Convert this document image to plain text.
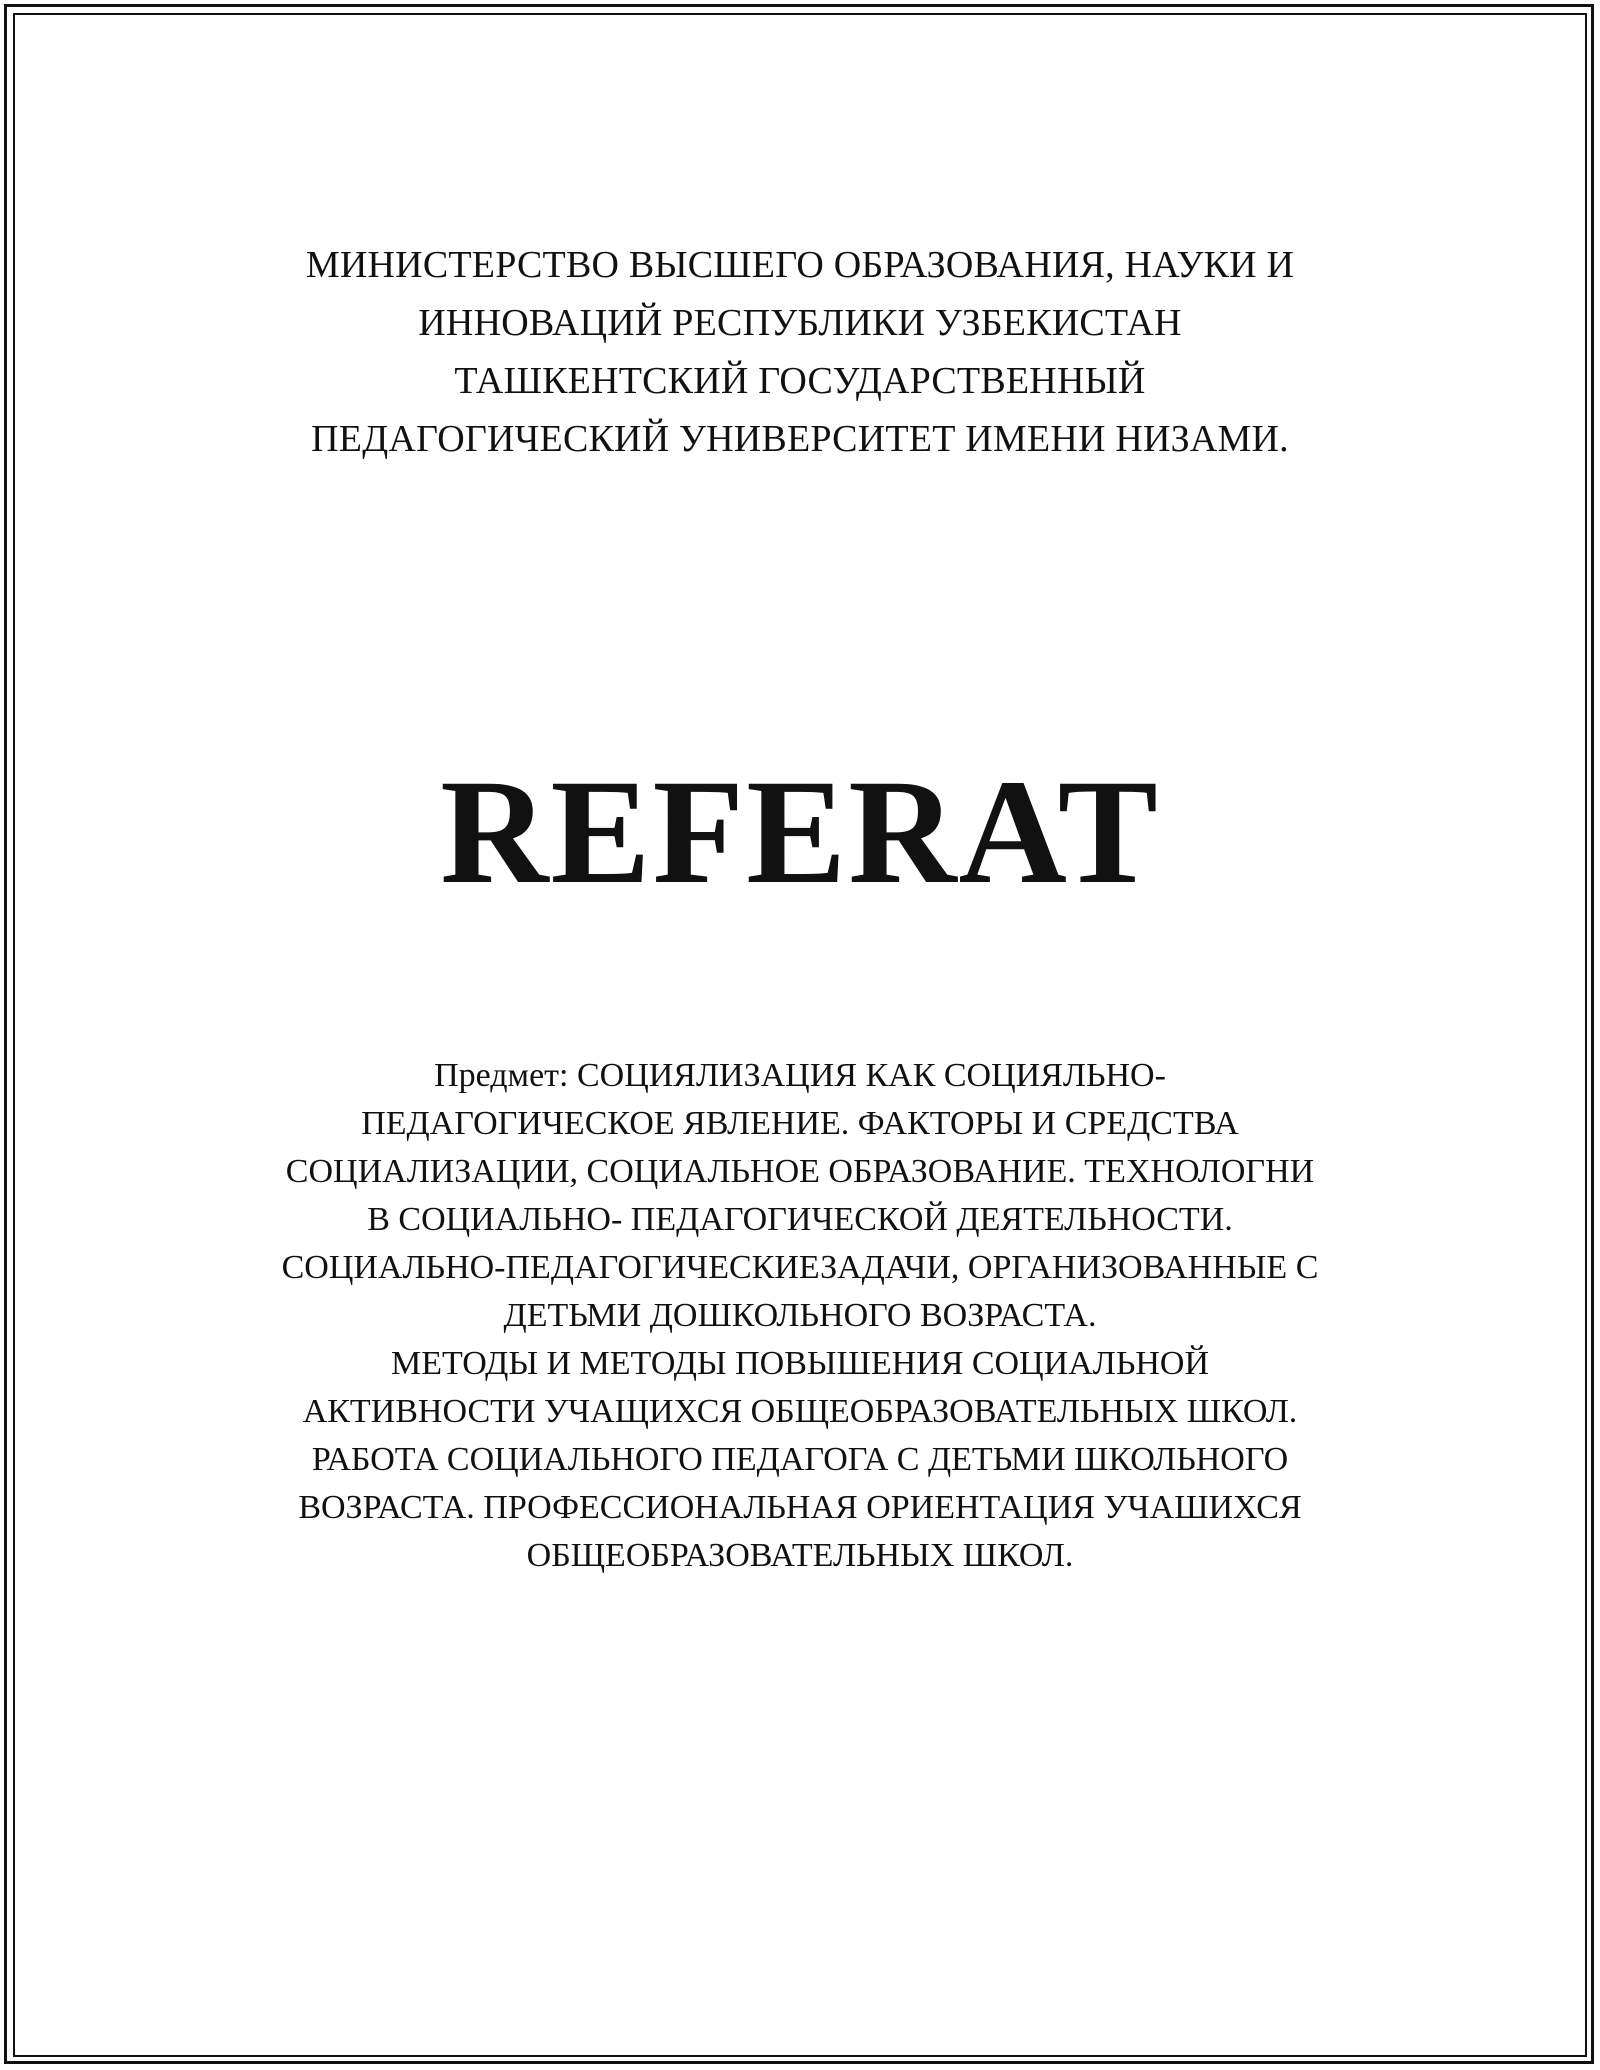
МИНИСТЕРСТВО ВЫСШЕГО ОБРАЗОВАНИЯ, НАУКИ И
ИННОВАЦИЙ РЕСПУБЛИКИ УЗБЕКИСТАН
ТАШКЕНТСКИЙ ГОСУДАРСТВЕННЫЙ
ПЕДАГОГИЧЕСКИЙ УНИВЕРСИТЕТ ИМЕНИ НИЗАМИ.
REFERAT
Предмет: СОЦИЯЛИЗАЦИЯ КАК СОЦИЯЛЬНО-
ПЕДАГОГИЧЕСКОЕ ЯВЛЕНИЕ. ФАКТОРЫ И СРЕДСТВА
СОЦИАЛИЗАЦИИ, СОЦИАЛЬНОЕ ОБРАЗОВАНИЕ. ТЕХНОЛОГНИ
В СОЦИАЛЬНО- ПЕДАГОГИЧЕСКОЙ ДЕЯТЕЛЬНОСТИ.
СОЦИАЛЬНО-ПЕДАГОГИЧЕСКИЕЗАДАЧИ, ОРГАНИЗОВАННЫЕ С
ДЕТЬМИ ДОШКОЛЬНОГО ВОЗРАСТА.
МЕТОДЫ И МЕТОДЫ ПОВЫШЕНИЯ СОЦИАЛЬНОЙ
АКТИВНОСТИ УЧАЩИХСЯ ОБЩЕОБРАЗОВАТЕЛЬНЫХ ШКОЛ.
РАБОТА СОЦИАЛЬНОГО ПЕДАГОГА С ДЕТЬМИ ШКОЛЬНОГО
ВОЗРАСТА. ПРОФЕССИОНАЛЬНАЯ ОРИЕНТАЦИЯ УЧАШИХСЯ
ОБЩЕОБРАЗОВАТЕЛЬНЫХ ШКОЛ.
